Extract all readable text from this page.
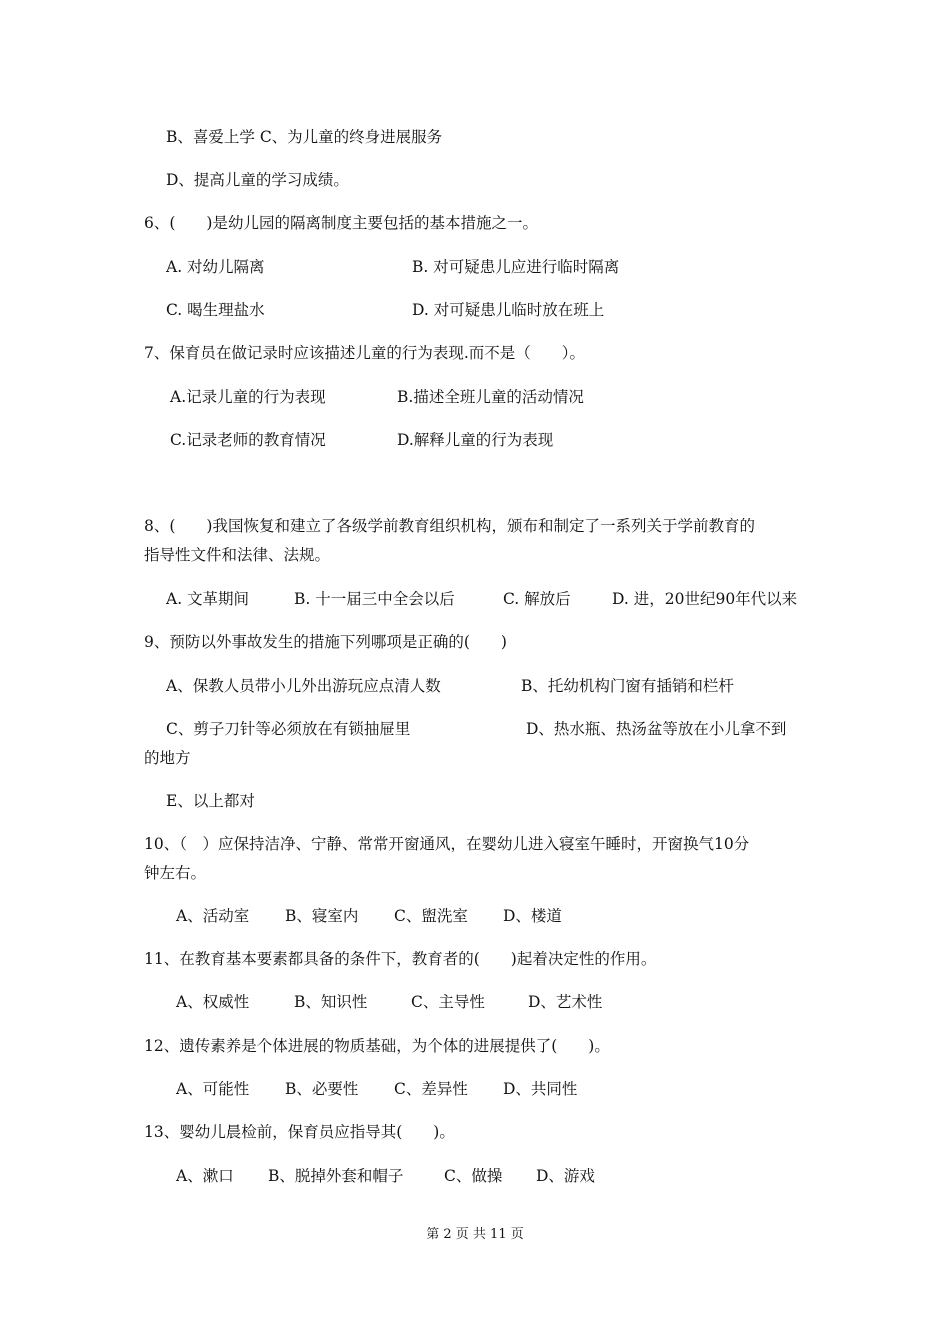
B、喜爱上学 C、为儿童的终身进展服务
D、提高儿童的学习成绩。
6、(　　)是幼儿园的隔离制度主要包括的基本措施之一。
A. 对幼儿隔离	B. 对可疑患儿应进行临时隔离
C. 喝生理盐水	D. 对可疑患儿临时放在班上
7、保育员在做记录时应该描述儿童的行为表现.而不是（　　）。
A.记录儿童的行为表现	B.描述全班儿童的活动情况
C.记录老师的教育情况	D.解释儿童的行为表现
8、(　　)我国恢复和建立了各级学前教育组织机构，颁布和制定了一系列关于学前教育的
指导性文件和法律、法规。
A. 文革期间	B. 十一届三中全会以后	C. 解放后	D. 进，20世纪90年代以来
9、预防以外事故发生的措施下列哪项是正确的(　　)
A、保教人员带小儿外出游玩应点清人数	B、托幼机构门窗有插销和栏杆
C、剪子刀针等必须放在有锁抽屉里	D、热水瓶、热汤盆等放在小儿拿不到
的地方
E、以上都对
10、（　）应保持洁净、宁静、常常开窗通风，在婴幼儿进入寝室午睡时，开窗换气10分
钟左右。
A、活动室 B、寝室内 C、盥洗室 D、楼道
11、在教育基本要素都具备的条件下，教育者的(　　)起着决定性的作用。
A、权威性	B、知识性	C、主导性	D、艺术性
12、遗传素养是个体进展的物质基础，为个体的进展提供了(　　)。
A、可能性 B、必要性 C、差异性 D、共同性
13、婴幼儿晨检前，保育员应指导其(　　)。
A、漱口 B、脱掉外套和帽子	C、做操 D、游戏
第 2 页 共 11 页
